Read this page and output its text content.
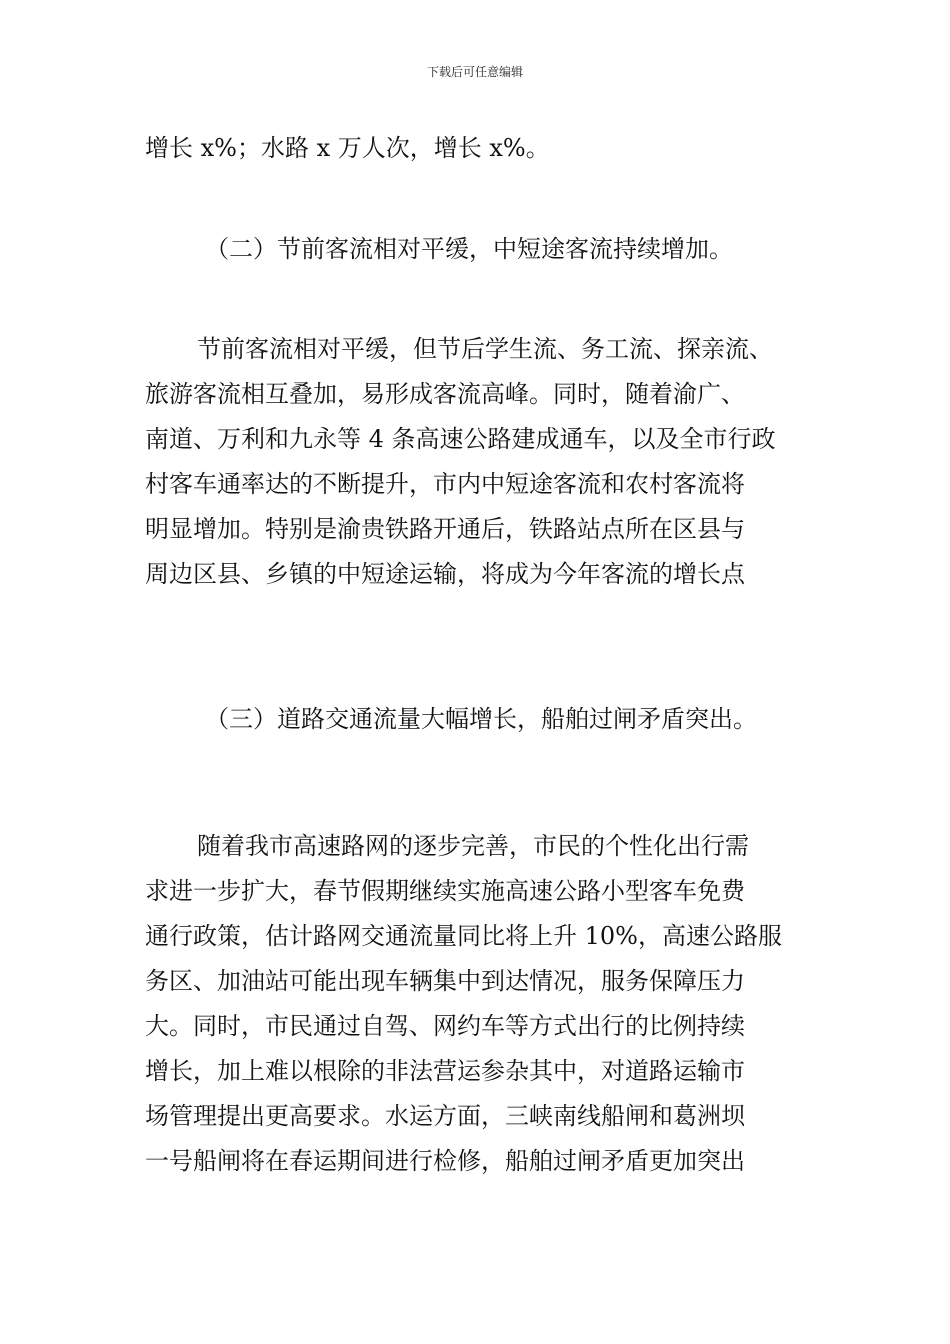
下载后可任意编辑
增长 x%；水路 x 万人次，增长 x%。
（二）节前客流相对平缓，中短途客流持续增加。
节前客流相对平缓，但节后学生流、务工流、探亲流、
旅游客流相互叠加，易形成客流高峰。同时，随着渝广、
南道、万利和九永等 4 条高速公路建成通车，以及全市行政
村客车通率达的不断提升，市内中短途客流和农村客流将
明显增加。特别是渝贵铁路开通后，铁路站点所在区县与
周边区县、乡镇的中短途运输，将成为今年客流的增长点
（三）道路交通流量大幅增长，船舶过闸矛盾突出。
随着我市高速路网的逐步完善，市民的个性化出行需
求进一步扩大，春节假期继续实施高速公路小型客车免费
通行政策，估计路网交通流量同比将上升 10%，高速公路服
务区、加油站可能出现车辆集中到达情况，服务保障压力
大。同时，市民通过自驾、网约车等方式出行的比例持续
增长，加上难以根除的非法营运参杂其中，对道路运输市
场管理提出更高要求。水运方面，三峡南线船闸和葛洲坝
一号船闸将在春运期间进行检修，船舶过闸矛盾更加突出
